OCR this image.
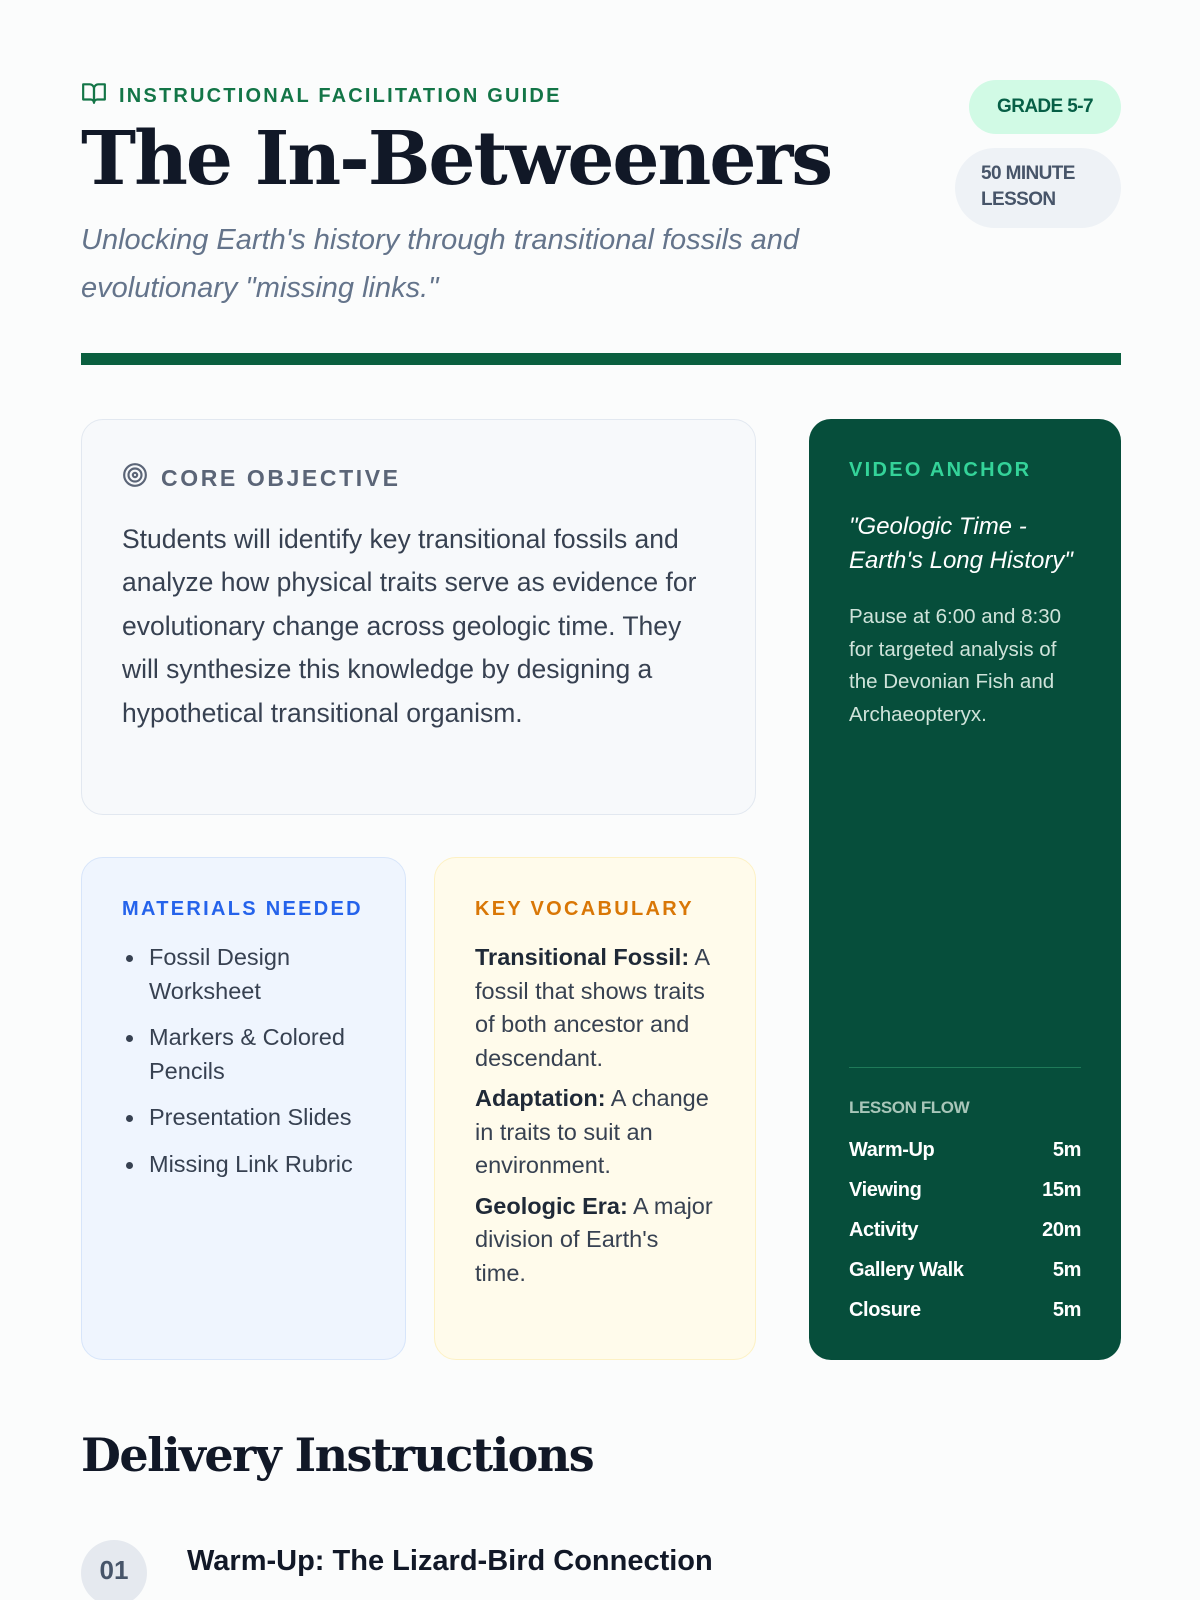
INSTRUCTIONAL FACILITATION GUIDE
The In-Betweeners

Unlocking Earth's history through transitional fossils and evolutionary "missing links."

GRADE 5-7
50 MINUTE LESSON
CORE OBJECTIVE

Students will identify key transitional fossils and analyze how physical traits serve as evidence for evolutionary change across geologic time. They will synthesize this knowledge by designing a hypothetical transitional organism.

MATERIALS NEEDED
Fossil Design Worksheet
Markers & Colored Pencils
Presentation Slides
Missing Link Rubric
KEY VOCABULARY

Transitional Fossil: A fossil that shows traits of both ancestor and descendant.

Adaptation: A change in traits to suit an environment.

Geologic Era: A major division of Earth's time.

VIDEO ANCHOR

"Geologic Time - Earth's Long History"

Pause at 6:00 and 8:30 for targeted analysis of the Devonian Fish and Archaeopteryx.

LESSON FLOW
Warm-Up	5m
Viewing	15m
Activity	20m
Gallery Walk	5m
Closure	5m
Delivery Instructions
01	Warm-Up: The Lizard-Bird Connection
